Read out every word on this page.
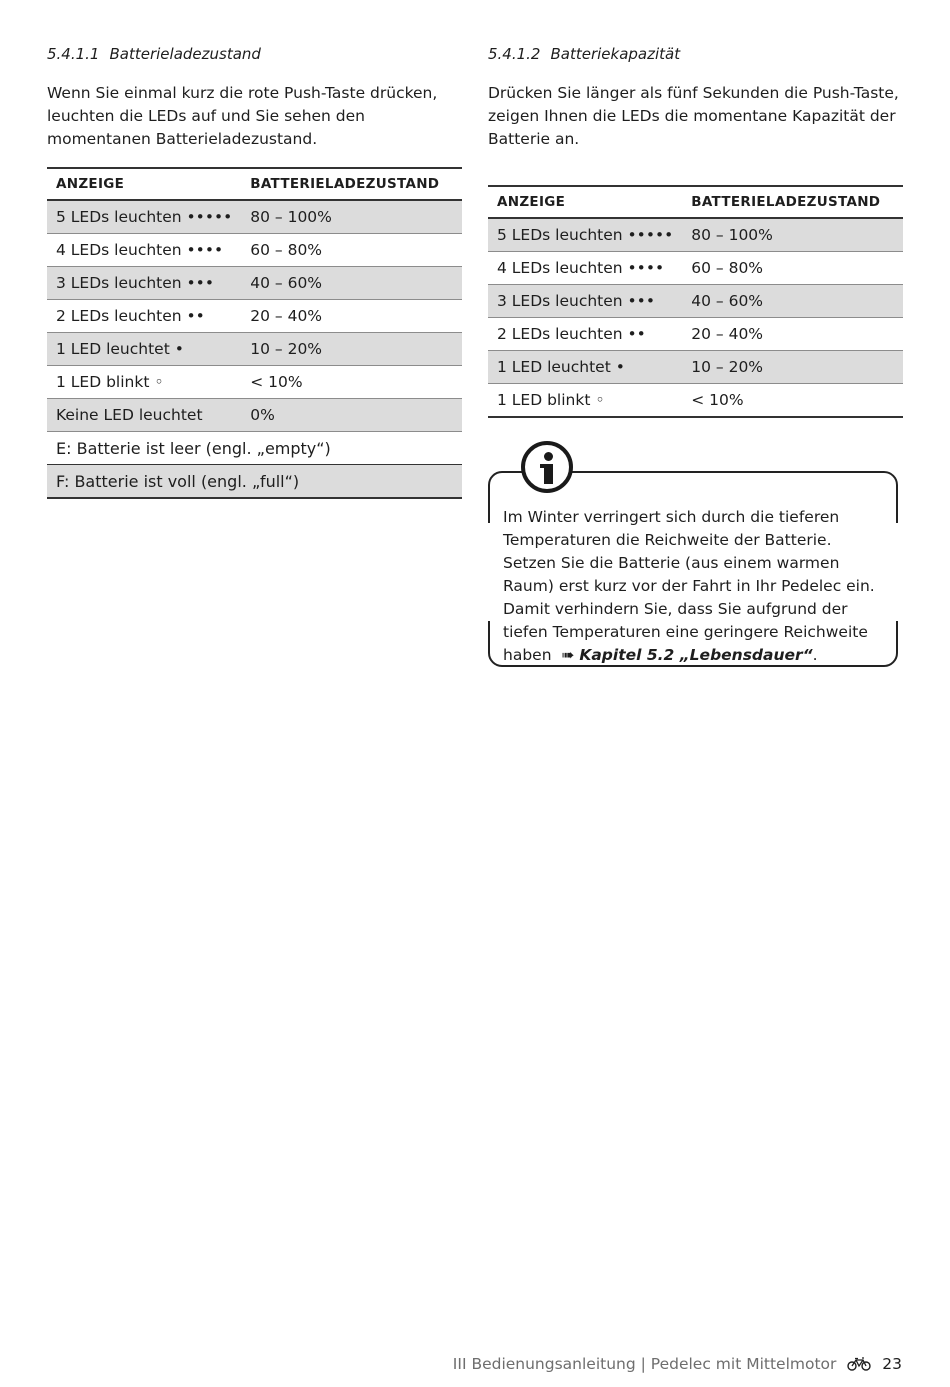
5.4.1.1 Batterieladezustand

Wenn Sie einmal kurz die rote Push-Taste drücken, leuchten die LEDs auf und Sie sehen den momentanen Batterieladezustand.

ANZEIGE	BATTERIELADEZUSTAND
5 LEDs leuchten •••••	80 – 100%
4 LEDs leuchten ••••	60 – 80%
3 LEDs leuchten •••	40 – 60%
2 LEDs leuchten ••	20 – 40%
1 LED leuchtet •	10 – 20%
1 LED blinkt ◦	< 10%
Keine LED leuchtet	0%
E: Batterie ist leer (engl. „empty“)	
F: Batterie ist voll (engl. „full“)	

5.4.1.2 Batteriekapazität

Drücken Sie länger als fünf Sekunden die Push-Taste, zeigen Ihnen die LEDs die momentane Kapazität der Batterie an.

ANZEIGE	BATTERIELADEZUSTAND
5 LEDs leuchten •••••	80 – 100%
4 LEDs leuchten ••••	60 – 80%
3 LEDs leuchten •••	40 – 60%
2 LEDs leuchten ••	20 – 40%
1 LED leuchtet •	10 – 20%
1 LED blinkt ◦	< 10%
Im Winter verringert sich durch die tieferen Temperaturen die Reichweite der Batterie. Setzen Sie die Batterie (aus einem warmen Raum) erst kurz vor der Fahrt in Ihr Pedelec ein. Damit verhindern Sie, dass Sie aufgrund der tiefen Temperaturen eine geringere Reichweite haben ➠ Kapitel 5.2 „Lebensdauer“.
III Bedienungsanleitung | Pedelec mit Mittelmotor	23
